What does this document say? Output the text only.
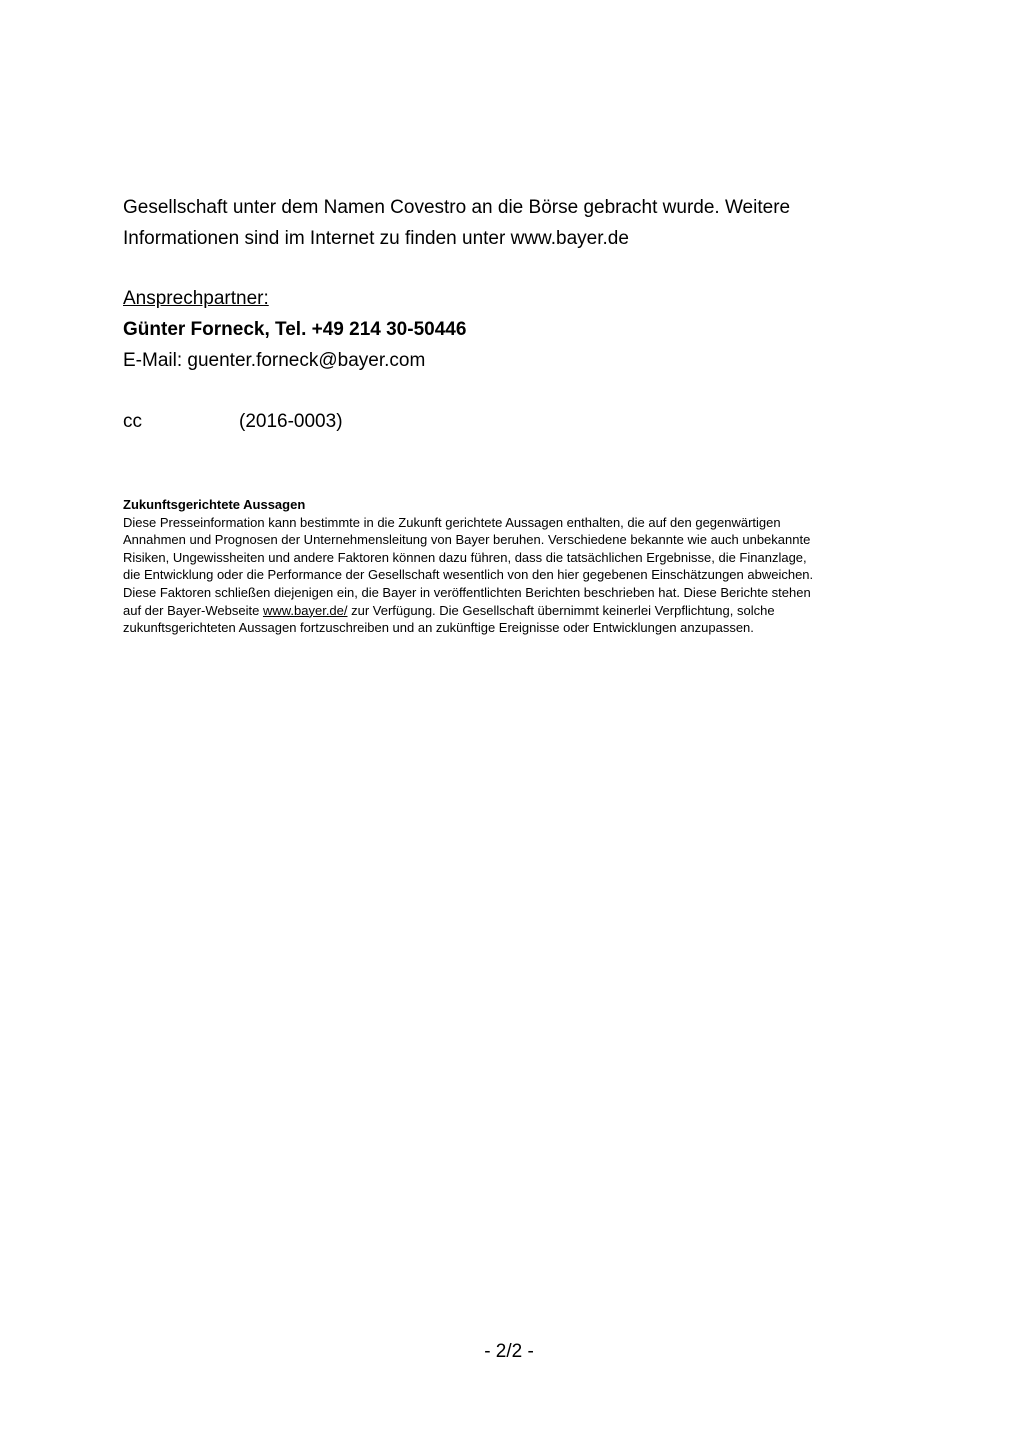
Gesellschaft unter dem Namen Covestro an die Börse gebracht wurde. Weitere
Informationen sind im Internet zu finden unter www.bayer.de
Ansprechpartner:
Günter Forneck, Tel. +49 214 30-50446
E-Mail: guenter.forneck@bayer.com
cc	(2016-0003)
Zukunftsgerichtete Aussagen
Diese Presseinformation kann bestimmte in die Zukunft gerichtete Aussagen enthalten, die auf den gegenwärtigen
Annahmen und Prognosen der Unternehmensleitung von Bayer beruhen. Verschiedene bekannte wie auch unbekannte
Risiken, Ungewissheiten und andere Faktoren können dazu führen, dass die tatsächlichen Ergebnisse, die Finanzlage,
die Entwicklung oder die Performance der Gesellschaft wesentlich von den hier gegebenen Einschätzungen abweichen.
Diese Faktoren schließen diejenigen ein, die Bayer in veröffentlichten Berichten beschrieben hat. Diese Berichte stehen
auf der Bayer-Webseite www.bayer.de/ zur Verfügung. Die Gesellschaft übernimmt keinerlei Verpflichtung, solche
zukunftsgerichteten Aussagen fortzuschreiben und an zukünftige Ereignisse oder Entwicklungen anzupassen.
- 2/2 -
